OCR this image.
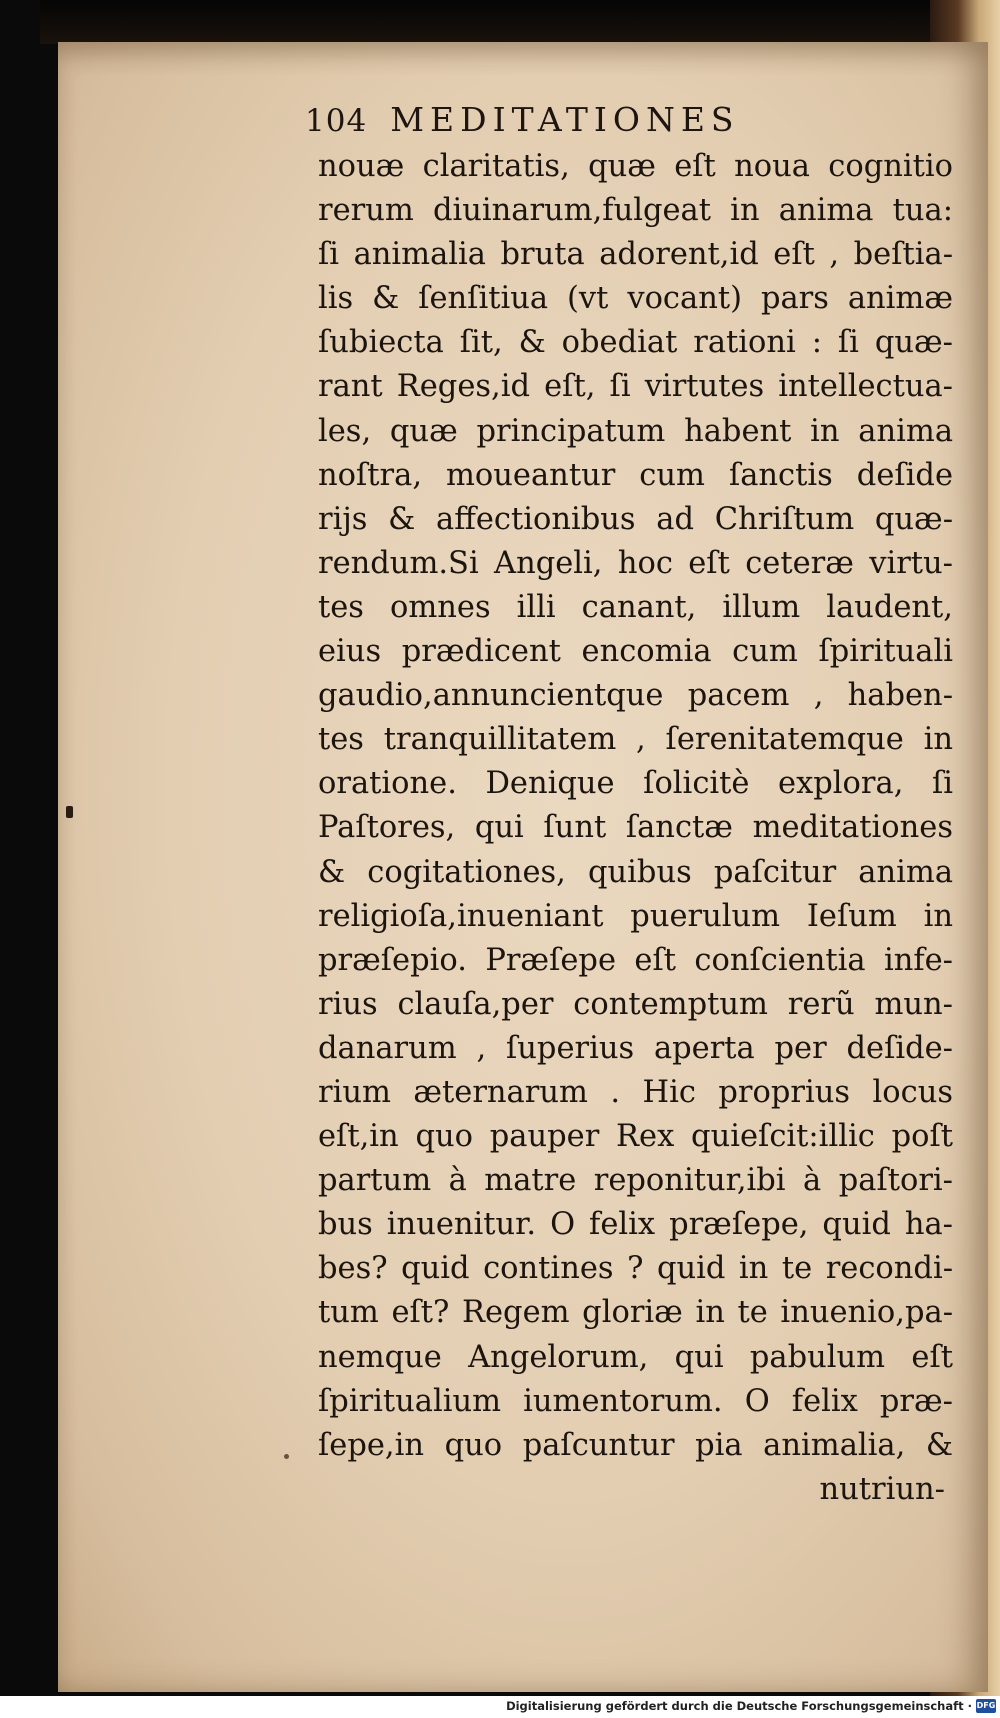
104 MEDITATIONES
nouæ claritatis, quæ eſt noua cognitio
rerum diuinarum,fulgeat in anima tua:
ſi animalia bruta adorent,id eſt , beſtia-
lis & ſenſitiua (vt vocant) pars animæ
ſubiecta ſit, & obediat rationi : ſi quæ-
rant Reges,id eſt, ſi virtutes intellectua-
les, quæ principatum habent in anima
noſtra, moueantur cum ſanctis deſide
rijs & affectionibus ad Chriſtum quæ-
rendum.Si Angeli, hoc eſt ceteræ virtu-
tes omnes illi canant, illum laudent,
eius prædicent encomia cum ſpirituali
gaudio,annuncientque pacem , haben-
tes tranquillitatem , ſerenitatemque in
oratione. Denique ſolicitè explora, ſi
Paſtores, qui ſunt ſanctæ meditationes
& cogitationes, quibus paſcitur anima
religioſa,inueniant puerulum Ieſum in
præſepio. Præſepe eſt conſcientia infe-
rius clauſa,per contemptum rerũ mun-
danarum , ſuperius aperta per deſide-
rium æternarum . Hic proprius locus
eſt,in quo pauper Rex quieſcit:illic poſt
partum à matre reponitur,ibi à paſtori-
bus inuenitur. O felix præſepe, quid ha-
bes? quid contines ? quid in te recondi-
tum eſt? Regem gloriæ in te inuenio,pa-
nemque Angelorum, qui pabulum eſt
ſpiritualium iumentorum. O felix præ-
ſepe,in quo paſcuntur pia animalia, &
nutriun-
Digitalisierung gefördert durch die Deutsche Forschungsgemeinschaft · DFG
